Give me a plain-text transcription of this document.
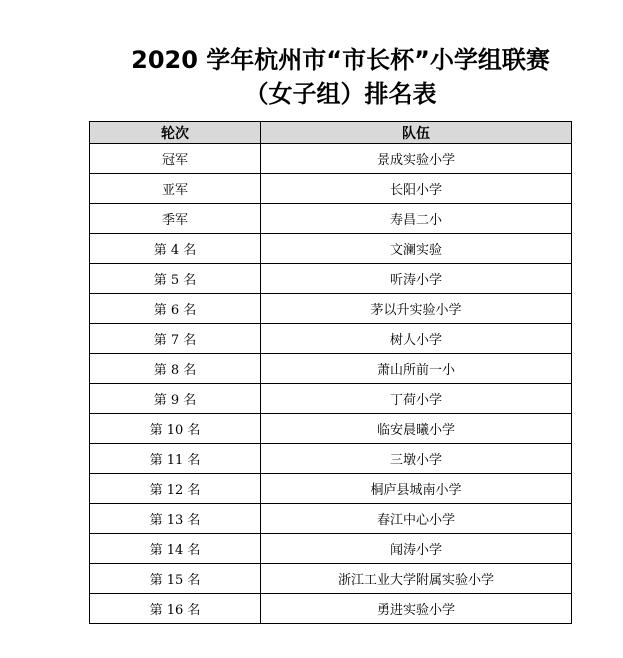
2020 学年杭州市“市长杯”小学组联赛
（女子组）排名表
轮次	队伍
冠军	景成实验小学
亚军	长阳小学
季军	寿昌二小
第 4 名	文澜实验
第 5 名	听涛小学
第 6 名	茅以升实验小学
第 7 名	树人小学
第 8 名	萧山所前一小
第 9 名	丁荷小学
第 10 名	临安晨曦小学
第 11 名	三墩小学
第 12 名	桐庐县城南小学
第 13 名	春江中心小学
第 14 名	闻涛小学
第 15 名	浙江工业大学附属实验小学
第 16 名	勇进实验小学
